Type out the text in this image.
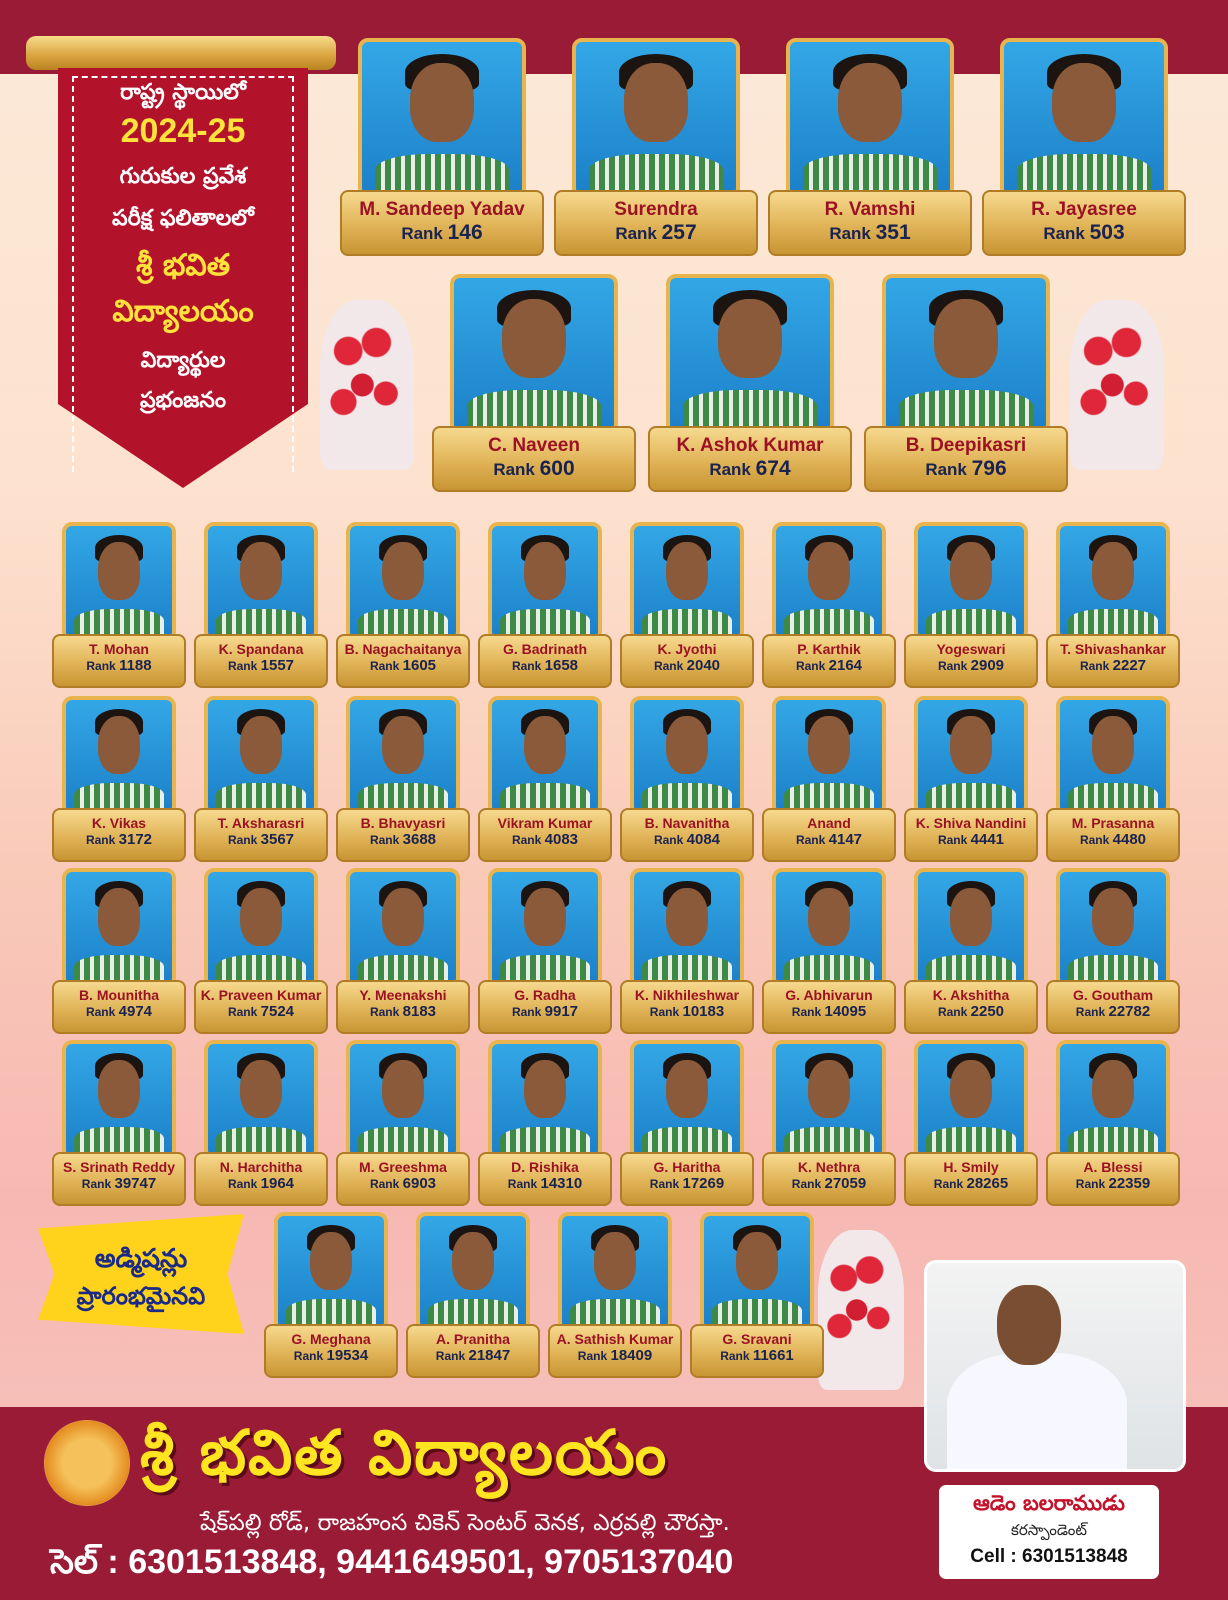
రాష్ట్ర స్థాయిలో
2024-25
గురుకుల ప్రవేశ
పరీక్ష ఫలితాలలో
శ్రీ భవిత
విద్యాలయం
విద్యార్థుల
ప్రభంజనం
M. Sandeep Yadav
Rank 146
Surendra
Rank 257
R. Vamshi
Rank 351
R. Jayasree
Rank 503
C. Naveen
Rank 600
K. Ashok Kumar
Rank 674
B. Deepikasri
Rank 796
T. Mohan
Rank 1188
K. Spandana
Rank 1557
B. Nagachaitanya
Rank 1605
G. Badrinath
Rank 1658
K. Jyothi
Rank 2040
P. Karthik
Rank 2164
Yogeswari
Rank 2909
T. Shivashankar
Rank 2227
K. Vikas
Rank 3172
T. Aksharasri
Rank 3567
B. Bhavyasri
Rank 3688
Vikram Kumar
Rank 4083
B. Navanitha
Rank 4084
Anand
Rank 4147
K. Shiva Nandini
Rank 4441
M. Prasanna
Rank 4480
B. Mounitha
Rank 4974
K. Praveen Kumar
Rank 7524
Y. Meenakshi
Rank 8183
G. Radha
Rank 9917
K. Nikhileshwar
Rank 10183
G. Abhivarun
Rank 14095
K. Akshitha
Rank 2250
G. Goutham
Rank 22782
S. Srinath Reddy
Rank 39747
N. Harchitha
Rank 1964
M. Greeshma
Rank 6903
D. Rishika
Rank 14310
G. Haritha
Rank 17269
K. Nethra
Rank 27059
H. Smily
Rank 28265
A. Blessi
Rank 22359
G. Meghana
Rank 19534
A. Pranitha
Rank 21847
A. Sathish Kumar
Rank 18409
G. Sravani
Rank 11661
అడ్మిషన్లు
ప్రారంభమైనవి
శ్రీ భవిత విద్యాలయం
షేక్‌పల్లి రోడ్, రాజహంస చికెన్ సెంటర్ వెనక, ఎర్రవల్లి చౌరస్తా.
సెల్ : 6301513848, 9441649501, 9705137040
ఆడెం బలరాముడు
కరస్పాండెంట్
Cell : 6301513848
